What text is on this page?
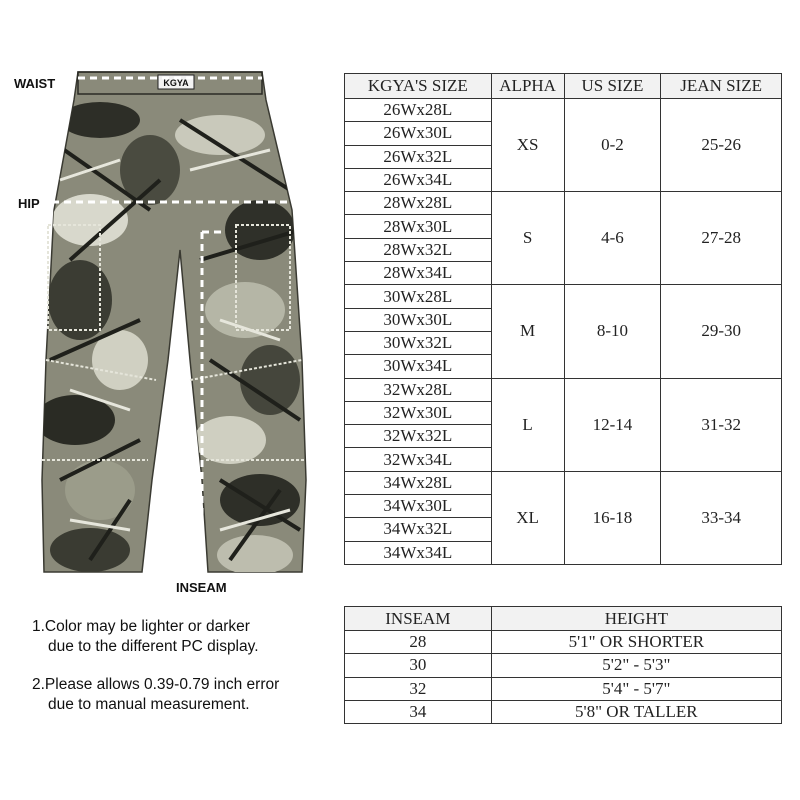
WAIST
HIP
INSEAM
KGYA
1.Color may be lighter or darker
due to the different PC display.
2.Please allows 0.39-0.79 inch error
due to manual measurement.
KGYA'S SIZE	ALPHA	US SIZE	JEAN SIZE
26Wx28L	XS	0-2	25-26
26Wx30L			
26Wx32L			
26Wx34L			
28Wx28L	S	4-6	27-28
28Wx30L			
28Wx32L			
28Wx34L			
30Wx28L	M	8-10	29-30
30Wx30L			
30Wx32L			
30Wx34L			
32Wx28L	L	12-14	31-32
32Wx30L			
32Wx32L			
32Wx34L			
34Wx28L	XL	16-18	33-34
34Wx30L			
34Wx32L			
34Wx34L			
INSEAM	HEIGHT
28	5'1" OR SHORTER
30	5'2" - 5'3"
32	5'4" - 5'7"
34	5'8" OR TALLER
